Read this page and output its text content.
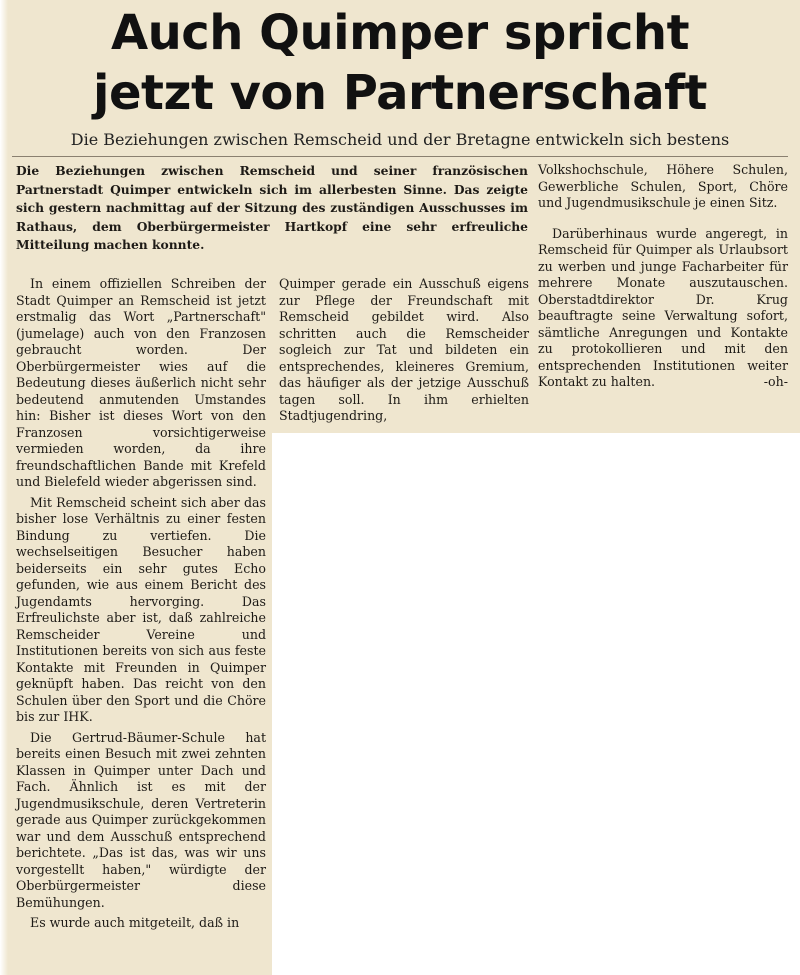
Auch Quimper spricht
jetzt von Partnerschaft
Die Beziehungen zwischen Remscheid und der Bretagne entwickeln sich bestens

Die Beziehungen zwischen Remscheid und seiner französischen Partnerstadt Quimper entwickeln sich im allerbesten Sinne. Das zeigte sich gestern nachmittag auf der Sitzung des zuständigen Ausschusses im Rathaus, dem Oberbürgermeister Hartkopf eine sehr erfreuliche Mitteilung machen konnte.

In einem offiziellen Schreiben der Stadt Quimper an Remscheid ist jetzt erstmalig das Wort „Partnerschaft" (jumelage) auch von den Franzosen gebraucht worden. Der Oberbürgermeister wies auf die Bedeutung dieses äußerlich nicht sehr bedeutend anmutenden Umstandes hin: Bisher ist dieses Wort von den Franzosen vorsichtigerweise vermieden worden, da ihre freundschaftlichen Bande mit Krefeld und Bielefeld wieder abgerissen sind.

Mit Remscheid scheint sich aber das bisher lose Verhältnis zu einer festen Bindung zu vertiefen. Die wechselseitigen Besucher haben beiderseits ein sehr gutes Echo gefunden, wie aus einem Bericht des Jugendamts hervorging. Das Erfreulichste aber ist, daß zahlreiche Remscheider Vereine und Institutionen bereits von sich aus feste Kontakte mit Freunden in Quimper geknüpft haben. Das reicht von den Schulen über den Sport und die Chöre bis zur IHK.

Die Gertrud-Bäumer-Schule hat bereits einen Besuch mit zwei zehnten Klassen in Quimper unter Dach und Fach. Ähnlich ist es mit der Jugendmusikschule, deren Vertreterin gerade aus Quimper zurückgekommen war und dem Ausschuß entsprechend berichtete. „Das ist das, was wir uns vorgestellt haben," würdigte der Oberbürgermeister diese Bemühungen.

Es wurde auch mitgeteilt, daß in

Quimper gerade ein Ausschuß eigens zur Pflege der Freundschaft mit Remscheid gebildet wird. Also schritten auch die Remscheider sogleich zur Tat und bildeten ein entsprechendes, kleineres Gremium, das häufiger als der jetzige Ausschuß tagen soll. In ihm erhielten Stadtjugendring,

Volkshochschule, Höhere Schulen, Gewerbliche Schulen, Sport, Chöre und Jugendmusikschule je einen Sitz.

Darüberhinaus wurde angeregt, in Remscheid für Quimper als Urlaubsort zu werben und junge Facharbeiter für mehrere Monate auszutauschen. Oberstadtdirektor Dr. Krug beauftragte seine Verwaltung sofort, sämtliche Anregungen und Kontakte zu protokollieren und mit den entsprechenden Institutionen weiter Kontakt zu halten.	-oh-
